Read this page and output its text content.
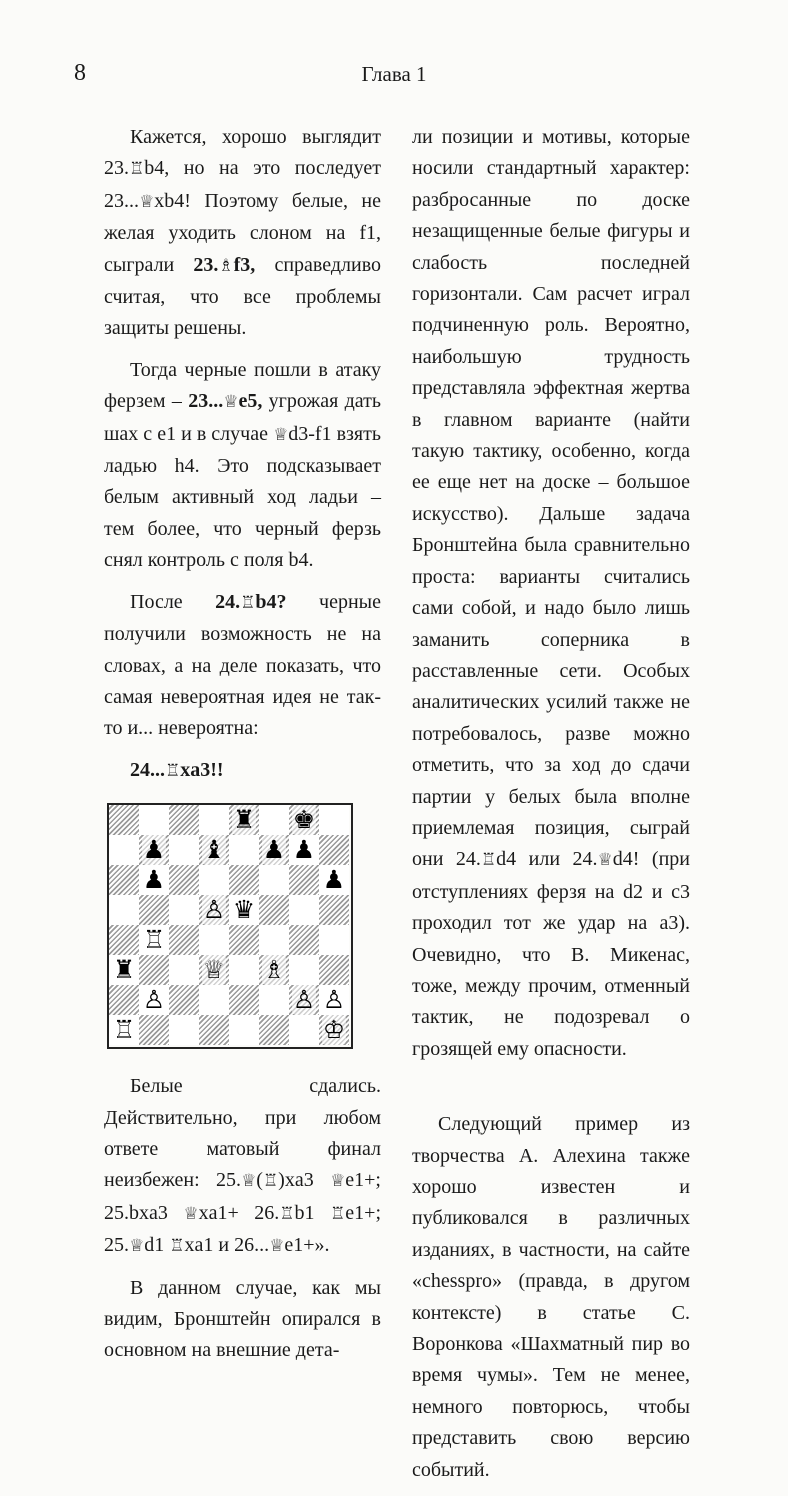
8	Глава 1

Кажется, хорошо выглядит 23.♖b4, но на это последует 23...♕xb4! Поэтому белые, не желая уходить слоном на f1, сыграли 23.♗f3, справедливо считая, что все проблемы защиты решены.

Тогда черные пошли в атаку ферзем – 23...♕e5, угрожая дать шах с e1 и в случае ♕d3-f1 взять ладью h4. Это подсказывает белым активный ход ладьи – тем более, что черный ферзь снял контроль с поля b4.

После 24.♖b4? черные получили возможность не на словах, а на деле показать, что самая невероятная идея не так-то и... невероятна:

24...♖xa3!!

♜ ♚
♟ ♝ ♟ ♟
♟	♟
♙ ♛
♖
♜	♕ ♗
♙	♙ ♙
♖	♔

Белые сдались. Действительно, при любом ответе матовый финал неизбежен: 25.♕(♖)xa3 ♕e1+; 25.bxa3 ♕xa1+ 26.♖b1 ♖e1+; 25.♕d1 ♖xa1 и 26...♕e1+».

В данном случае, как мы видим, Бронштейн опирался в основном на внешние дета-

ли позиции и мотивы, которые носили стандартный характер: разбросанные по доске незащищенные белые фигуры и слабость последней горизонтали. Сам расчет играл подчиненную роль. Вероятно, наибольшую трудность представляла эффектная жертва в главном варианте (найти такую тактику, особенно, когда ее еще нет на доске – большое искусство). Дальше задача Бронштейна была сравнительно проста: варианты считались сами собой, и надо было лишь заманить соперника в расставленные сети. Особых аналитических усилий также не потребовалось, разве можно отметить, что за ход до сдачи партии у белых была вполне приемлемая позиция, сыграй они 24.♖d4 или 24.♕d4! (при отступлениях ферзя на d2 и c3 проходил тот же удар на a3). Очевидно, что В. Микенас, тоже, между прочим, отменный тактик, не подозревал о грозящей ему опасности.

Следующий пример из творчества А. Алехина также хорошо известен и публиковался в различных изданиях, в частности, на сайте «chesspro» (правда, в другом контексте) в статье С. Воронкова «Шахматный пир во время чумы». Тем не менее, немного повторюсь, чтобы представить свою версию событий.
